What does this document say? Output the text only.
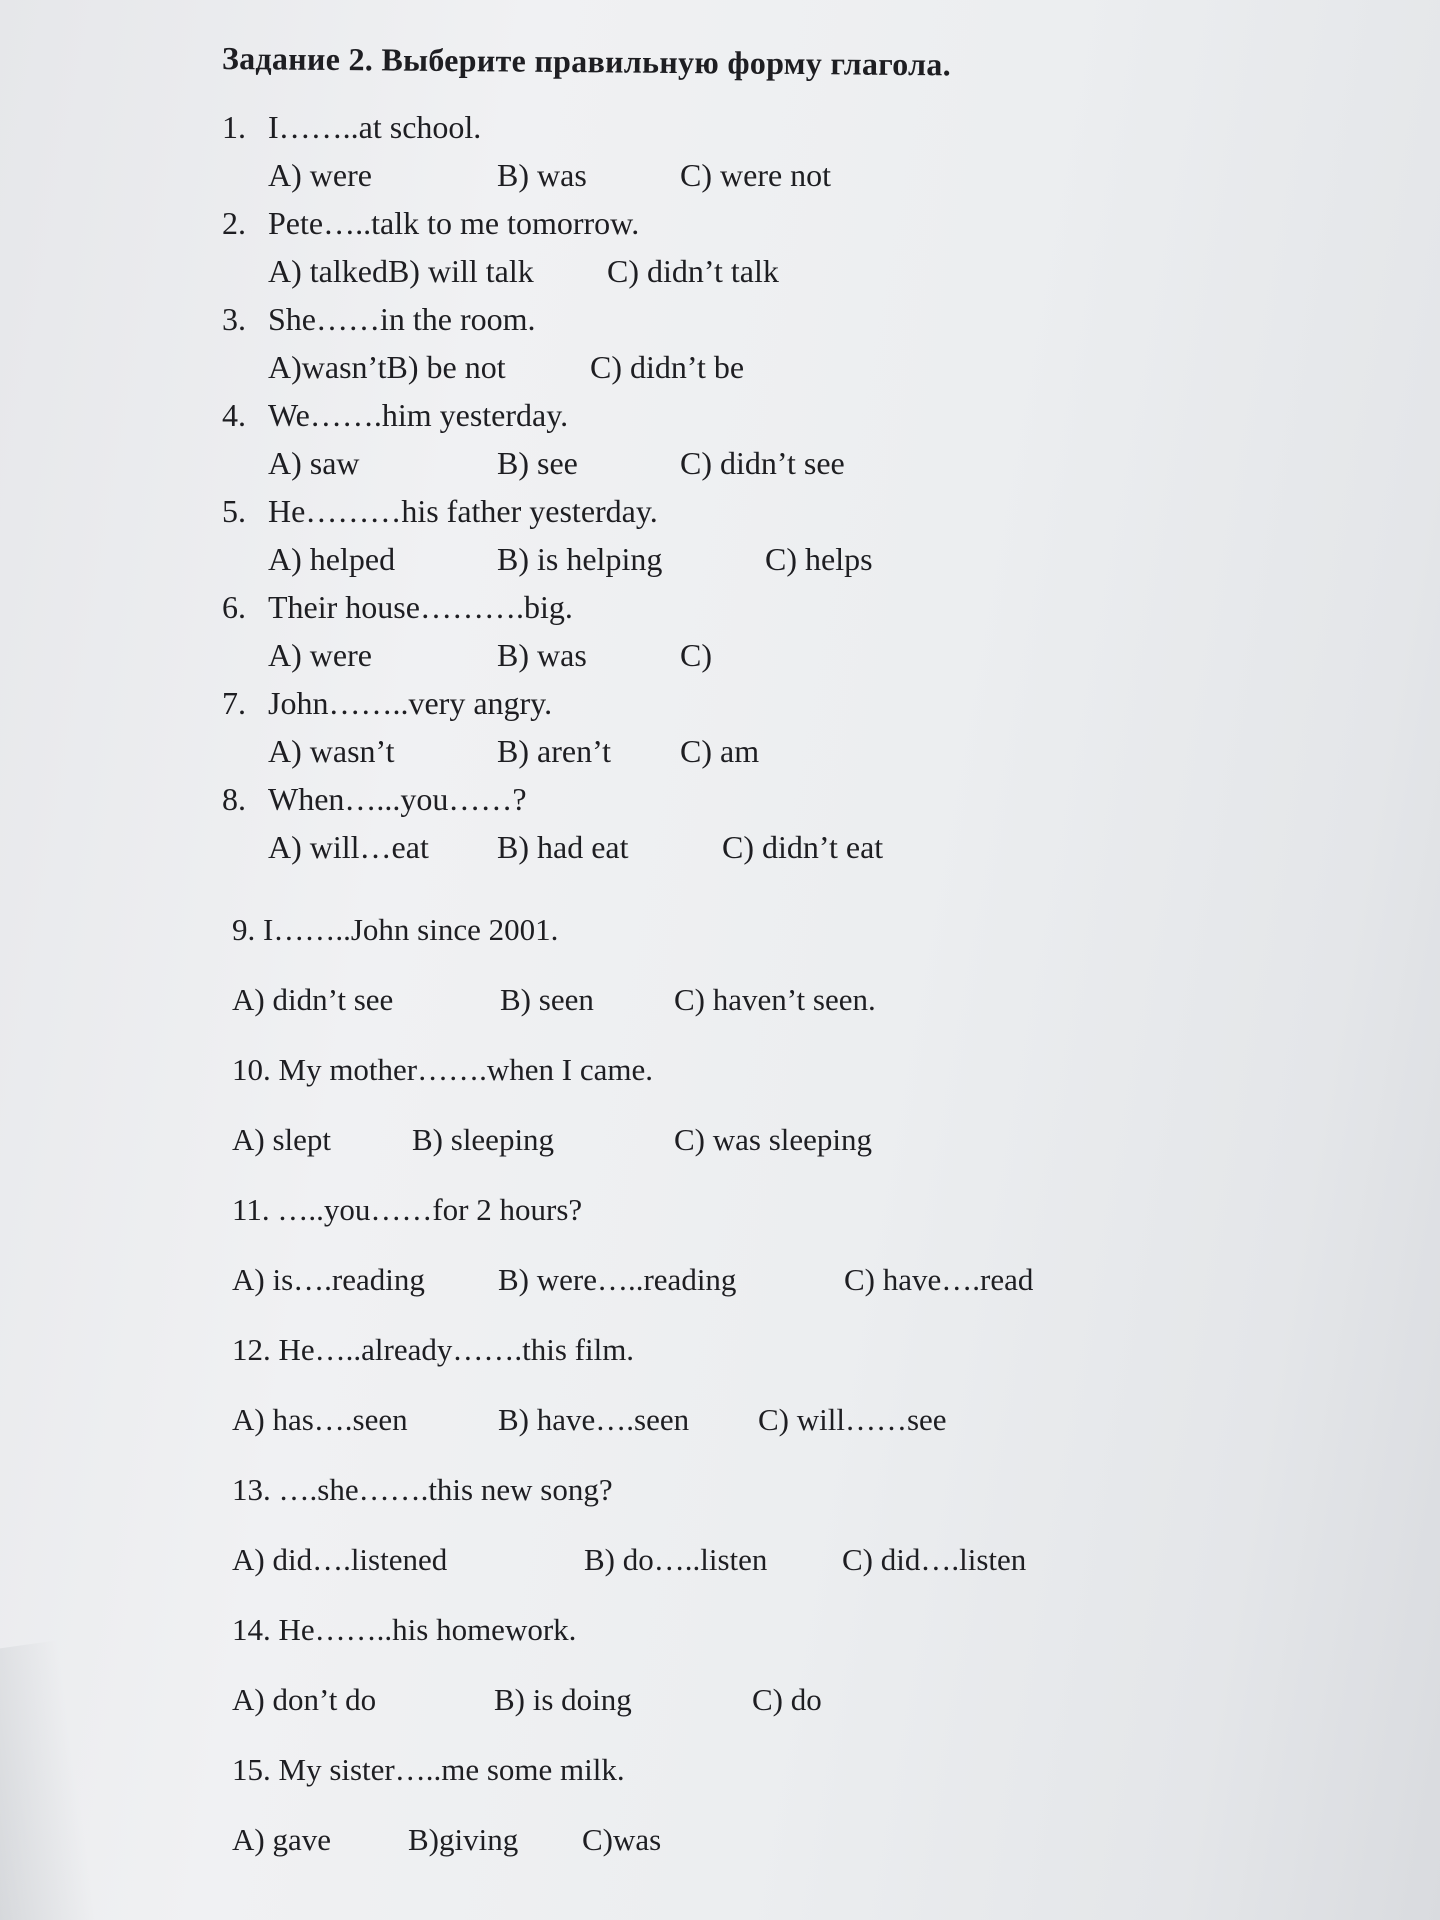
Задание 2. Выберите правильную форму глагола.
1. I……..at school.
A) were	B) was	C) were not
2. Pete…..talk to me tomorrow.
A) talkedB) will talk C) didn’t talk
3. She……in the room.
A)wasn’tB) be not	C) didn’t be
4. We…….him yesterday.
A) saw	B) see	C) didn’t see
5. He………his father yesterday.
A) helped	B) is helping	C) helps
6. Their house……….big.
A) were	B) was	C)
7. John……..very angry.
A) wasn’t	B) aren’t C) am
8. When…...you……?
A) will…eat B) had eat	C) didn’t eat
9. I……..John since 2001.
A) didn’t see	B) seen	C) haven’t seen.
10. My mother…….when I came.
A) slept	B) sleeping	C) was sleeping
11. …..you……for 2 hours?
A) is….reading B) were…..reading	C) have….read
12. He…..already…….this film.
A) has….seen	B) have….seen C) will……see
13. ….she…….this new song?
A) did….listened	B) do…..listen C) did….listen
14. He……..his homework.
A) don’t do	B) is doing	C) do
15. My sister…..me some milk.
A) gave B)giving C)was
